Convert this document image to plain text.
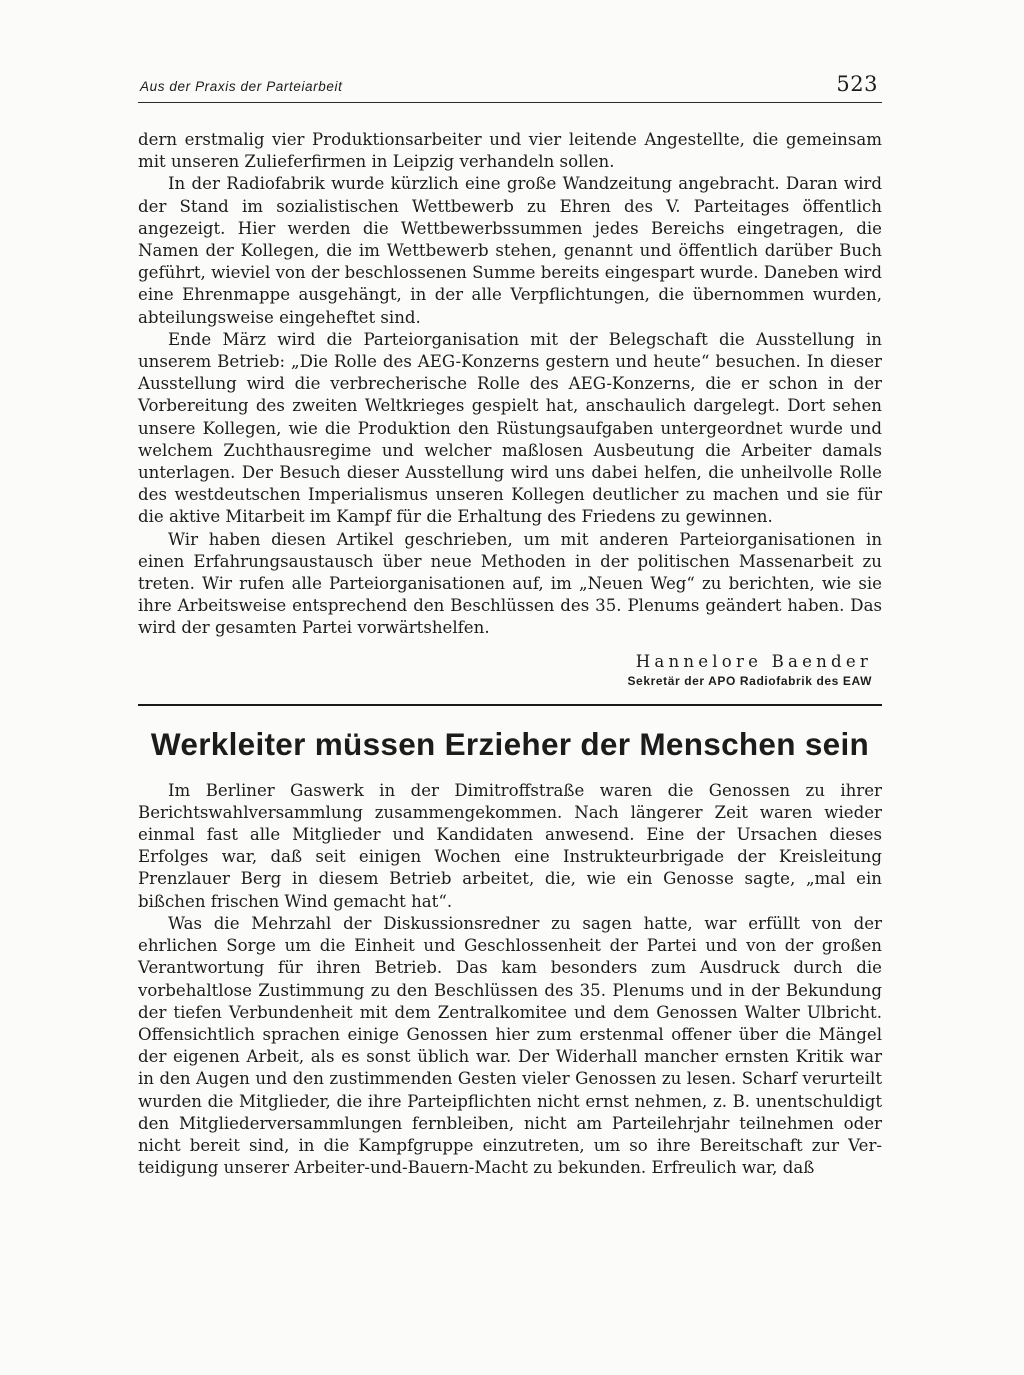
Aus der Praxis der Parteiarbeit	523

dern erstmalig vier Produktionsarbeiter und vier leitende Angestellte, die gemeinsam mit unseren Zulieferfirmen in Leipzig verhandeln sollen.

In der Radiofabrik wurde kürzlich eine große Wandzeitung angebracht. Daran wird der Stand im sozialistischen Wettbewerb zu Ehren des V. Parteitages öffentlich angezeigt. Hier werden die Wettbewerbssummen jedes Bereichs eingetragen, die Namen der Kollegen, die im Wettbewerb stehen, genannt und öffentlich darüber Buch geführt, wieviel von der beschlossenen Summe bereits eingespart wurde. Daneben wird eine Ehrenmappe ausgehängt, in der alle Verpflichtungen, die übernommen wurden, abteilungsweise eingeheftet sind.

Ende März wird die Parteiorganisation mit der Belegschaft die Ausstellung in unserem Betrieb: „Die Rolle des AEG-Konzerns gestern und heute“ besuchen. In dieser Ausstellung wird die verbrecherische Rolle des AEG-Konzerns, die er schon in der Vorbereitung des zweiten Weltkrieges gespielt hat, anschaulich dargelegt. Dort sehen unsere Kollegen, wie die Produktion den Rüstungsaufgaben untergeordnet wurde und welchem Zuchthausregime und welcher maßlosen Ausbeutung die Arbeiter damals unterlagen. Der Besuch dieser Ausstellung wird uns dabei helfen, die unheilvolle Rolle des westdeutschen Imperialismus unseren Kollegen deutlicher zu machen und sie für die aktive Mitarbeit im Kampf für die Erhaltung des Friedens zu gewinnen.

Wir haben diesen Artikel geschrieben, um mit anderen Parteiorganisationen in einen Erfahrungsaustausch über neue Methoden in der politischen Massenarbeit zu treten. Wir rufen alle Parteiorganisationen auf, im „Neuen Weg“ zu berichten, wie sie ihre Arbeitsweise entsprechend den Beschlüssen des 35. Plenums geändert haben. Das wird der gesamten Partei vorwärtshelfen.

Hannelore Baender
Sekretär der APO Radiofabrik des EAW
Werkleiter müssen Erzieher der Menschen sein

Im Berliner Gaswerk in der Dimitroffstraße waren die Genossen zu ihrer Berichtswahlversammlung zusammengekommen. Nach längerer Zeit waren wieder einmal fast alle Mitglieder und Kandidaten anwesend. Eine der Ursachen dieses Erfolges war, daß seit einigen Wochen eine Instrukteurbrigade der Kreisleitung Prenzlauer Berg in diesem Betrieb arbeitet, die, wie ein Genosse sagte, „mal ein bißchen frischen Wind gemacht hat“.

Was die Mehrzahl der Diskussionsredner zu sagen hatte, war erfüllt von der ehrlichen Sorge um die Einheit und Geschlossenheit der Partei und von der großen Verantwortung für ihren Betrieb. Das kam besonders zum Ausdruck durch die vorbehaltlose Zustimmung zu den Beschlüssen des 35. Plenums und in der Bekundung der tiefen Verbundenheit mit dem Zentralkomitee und dem Genossen Walter Ulbricht. Offensichtlich sprachen einige Genossen hier zum erstenmal offener über die Mängel der eigenen Arbeit, als es sonst üblich war. Der Widerhall mancher ernsten Kritik war in den Augen und den zustimmenden Gesten vieler Genossen zu lesen. Scharf verurteilt wurden die Mitglieder, die ihre Parteipflichten nicht ernst nehmen, z. B. unentschuldigt den Mitgliederversammlungen fernbleiben, nicht am Parteilehrjahr teilnehmen oder nicht bereit sind, in die Kampfgruppe einzutreten, um so ihre Bereitschaft zur Verteidigung unserer Arbeiter-und-Bauern-Macht zu bekunden. Erfreulich war, daß
